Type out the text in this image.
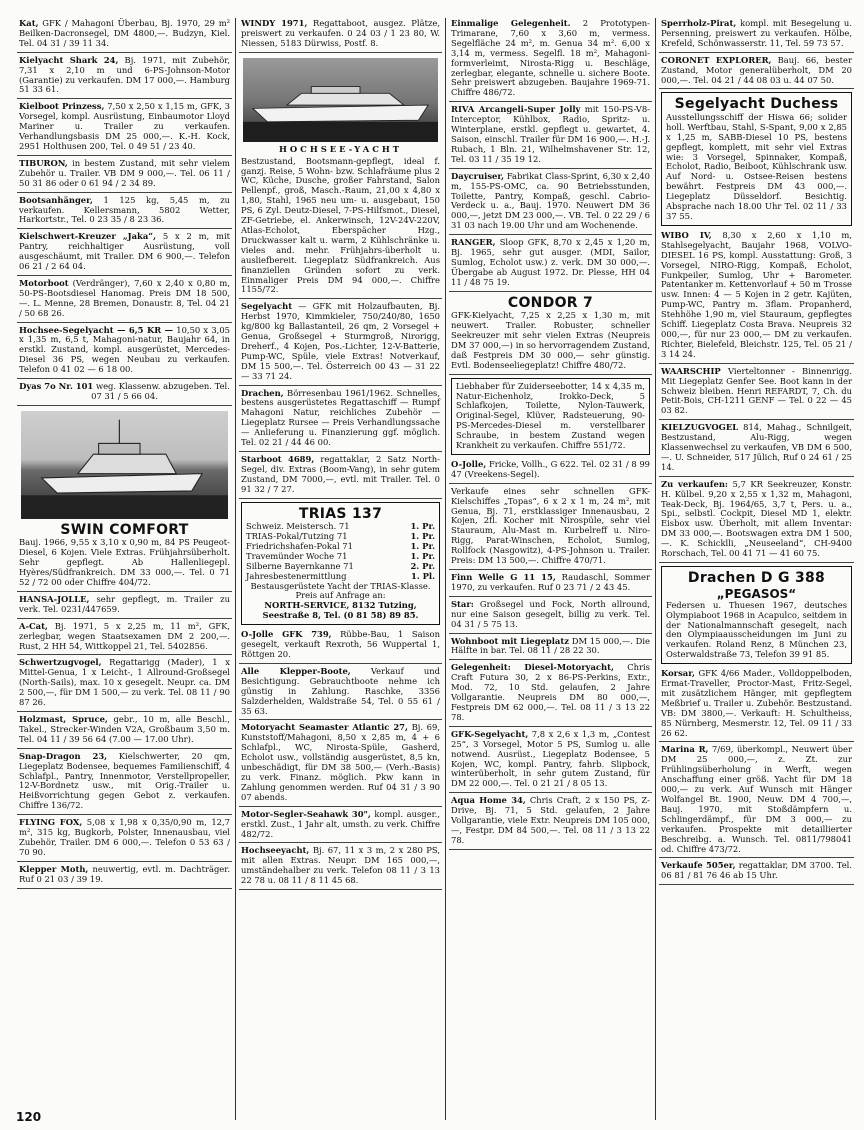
Kat, GFK / Mahagoni Überbau, Bj. 1970, 29 m² Beilken-Dacronsegel, DM 4800,—. Budzyn, Kiel. Tel. 04 31 / 39 11 34.
Kielyacht Shark 24, Bj. 1971, mit Zubehör, 7,31 x 2,10 m und 6-PS-Johnson-Motor (Garantie) zu verkaufen. DM 17 000,—. Hamburg 51 33 61.
Kielboot Prinzess, 7,50 x 2,50 x 1,15 m, GFK, 3 Vorsegel, kompl. Ausrüstung, Einbaumotor Lloyd Mariner u. Trailer zu verkaufen. Verhandlungsbasis DM 25 000,—. K.-H. Kock, 2951 Holthusen 200, Tel. 0 49 51 / 23 40.
TIBURON, in bestem Zustand, mit sehr vielem Zubehör u. Trailer. VB DM 9 000,—. Tel. 06 11 / 50 31 86 oder 0 61 94 / 2 34 89.
Bootsanhänger, 1 125 kg, 5,45 m, zu verkaufen. Kellersmann, 5802 Wetter, Harkortstr., Tel. 0 23 35 / 8 23 36.
Kielschwert-Kreuzer „Jaka“, 5 x 2 m, mit Pantry, reichhaltiger Ausrüstung, voll ausgeschäumt, mit Trailer. DM 6 900,—. Telefon 06 21 / 2 64 04.
Motorboot (Verdränger), 7,60 x 2,40 x 0,80 m, 50-PS-Bootsdiesel Hanomag. Preis DM 18 500,—. L. Menne, 28 Bremen, Donaustr. 8, Tel. 04 21 / 50 68 26.
Hochsee-Segelyacht — 6,5 KR — 10,50 x 3,05 x 1,35 m, 6,5 t, Mahagoni-natur, Baujahr 64, in erstkl. Zustand, kompl. ausgerüstet, Mercedes-Diesel 36 PS, wegen Neubau zu verkaufen. Telefon 0 41 02 — 6 18 00.
Dyas 7o Nr. 101 weg. Klassenw. abzugeben. Tel. 07 31 / 5 66 04.
SWIN COMFORT
Bauj. 1966, 9,55 x 3,10 x 0,90 m, 84 PS Peugeot-Diesel, 6 Kojen. Viele Extras. Frühjahrsüberholt. Sehr gepflegt. Ab Hallenliegepl. Hyères/Südfrankreich. DM 33 000,—. Tel. 0 71 52 / 72 00 oder Chiffre 404/72.
HANSA-JOLLE, sehr gepflegt, m. Trailer zu verk. Tel. 0231/447659.
A-Cat, Bj. 1971, 5 x 2,25 m, 11 m², GFK, zerlegbar, wegen Staatsexamen DM 2 200,—. Rust, 2 HH 54, Wittkoppel 21, Tel. 5402856.
Schwertzugvogel, Regattarigg (Mader), 1 x Mittel-Genua, 1 x Leicht-, 1 Allround-Großsegel (North-Sails), max. 10 x gesegelt. Neupr. ca. DM 2 500,—, für DM 1 500,— zu verk. Tel. 08 11 / 90 87 26.
Holzmast, Spruce, gebr., 10 m, alle Beschl., Takel., Strecker-Winden V2A, Großbaum 3,50 m. Tel. 04 11 / 39 56 64 (7.00 — 17.00 Uhr).
Snap-Dragon 23, Kielschwerter, 20 qm, Liegeplatz Bodensee, bequemes Familienschiff, 4 Schlafpl., Pantry, Innenmotor, Verstellpropeller, 12-V-Bordnetz usw., mit Orig.-Trailer u. Heißvorrichtung gegen Gebot z. verkaufen. Chiffre 136/72.
FLYING FOX, 5,08 x 1,98 x 0,35/0,90 m, 12,7 m², 315 kg, Bugkorb, Polster, Innenausbau, viel Zubehör, Trailer. DM 6 000,—. Telefon 0 53 63 / 70 90.
Klepper Moth, neuwertig, evtl. m. Dachträger. Ruf 0 21 03 / 39 19.
WINDY 1971, Regattaboot, ausgez. Plätze, preiswert zu verkaufen. 0 24 03 / 1 23 80, W. Niessen, 5183 Dürwiss, Postf. 8.
HOCHSEE-YACHT
Bestzustand, Bootsmann-gepflegt, ideal f. ganzj. Reise, 5 Wohn- bzw. Schlafräume plus 2 WC, Küche, Dusche, großer Fahrstand, Salon Pellenpf., groß, Masch.-Raum, 21,00 x 4,80 x 1,80, Stahl, 1965 neu um- u. ausgebaut, 150 PS, 6 Zyl. Deutz-Diesel, 7-PS-Hilfsmot., Diesel, ZF-Getriebe, el. Ankerwinsch, 12V-24V-220V, Atlas-Echolot, Eberspächer Hzg., Druckwasser kalt u. warm, 2 Kühlschränke u. vieles and. mehr. Frühjahrs-überholt u. ausliefbereit. Liegeplatz Südfrankreich. Aus finanziellen Gründen sofort zu verk. Einmaliger Preis DM 94 000,—. Chiffre 1155/72.
Segelyacht — GFK mit Holzaufbauten, Bj. Herbst 1970, Kimmkieler, 750/240/80, 1650 kg/800 kg Ballastanteil, 26 qm, 2 Vorsegel + Genua, Großsegel + Sturmgroß, Nirorigg, Dreherf., 4 Kojen, Pos.-Lichter, 12-V-Batterie, Pump-WC, Spüle, viele Extras! Notverkauf, DM 15 500,—. Tel. Österreich 00 43 — 31 22 — 33 71 24.
Drachen, Börresenbau 1961/1962. Schnelles, bestens ausgerüstetes Regattaschiff — Rumpf Mahagoni Natur, reichliches Zubehör — Liegeplatz Rursee — Preis Verhandlungssache — Anlieferung u. Finanzierung ggf. möglich. Tel. 02 21 / 44 46 00.
Starboot 4689, regattaklar, 2 Satz North-Segel, div. Extras (Boom-Vang), in sehr gutem Zustand, DM 7000,—, evtl. mit Trailer. Tel. 0 91 32 / 7 27.
TRIAS 137
Schweiz. Meistersch. 71	1. Pr.
TRIAS-Pokal/Tutzing 71	1. Pr.
Friedrichshafen-Pokal 71	1. Pr.
Travemünder Woche 71	1. Pr.
Silberne Bayernkanne 71	2. Pr.
Jahresbestenermittlung	1. Pl.
Bestausgerüstete Yacht der TRIAS-Klasse. Preis auf Anfrage an:
NORTH-SERVICE, 8132 Tutzing, Seestraße 8, Tel. (0 81 58) 89 85.
O-Jolle GFK 739, Rübbe-Bau, 1 Saison gesegelt, verkauft Rexroth, 56 Wuppertal 1, Röttgen 20.
Alle Klepper-Boote, Verkauf und Besichtigung. Gebrauchtboote nehme ich günstig in Zahlung. Raschke, 3356 Salzderhelden, Waldstraße 54, Tel. 0 55 61 / 35 63.
Motoryacht Seamaster Atlantic 27, Bj. 69, Kunststoff/Mahagoni, 8,50 x 2,85 m, 4 + 6 Schlafpl., WC, Nirosta-Spüle, Gasherd, Echolot usw., vollständig ausgerüstet, 8,5 kn, unbeschädigt, für DM 38 500,— (Verh.-Basis) zu verk. Finanz. möglich. Pkw kann in Zahlung genommen werden. Ruf 04 31 / 3 90 07 abends.
Motor-Segler-Seahawk 30", kompl. ausger., erstkl. Zust., 1 Jahr alt, umsth. zu verk. Chiffre 482/72.
Hochseeyacht, Bj. 67, 11 x 3 m, 2 x 280 PS, mit allen Extras. Neupr. DM 165 000,—, umständehalber zu verk. Telefon 08 11 / 3 13 22 78 u. 08 11 / 8 11 45 68.
Einmalige Gelegenheit. 2 Prototypen-Trimarane, 7,60 x 3,60 m, vermess. Segelfläche 24 m², m. Genua 34 m². 6,00 x 3,14 m, vermess. Segelfl. 18 m², Mahagoni-formverleimt, Nirosta-Rigg u. Beschläge, zerlegbar, elegante, schnelle u. sichere Boote. Sehr preiswert abzugeben. Baujahre 1969-71. Chiffre 486/72.
RIVA Arcangeli-Super Jolly mit 150-PS-V8-Interceptor, Kühlbox, Radio, Spritz- u. Winterplane, erstkl. gepflegt u. gewartet, 4. Saison, einschl. Trailer für DM 16 900,—. H.-J. Rubach, 1 Bln. 21, Wilhelmshavener Str. 12, Tel. 03 11 / 35 19 12.
Daycruiser, Fabrikat Class-Sprint, 6,30 x 2,40 m, 155-PS-OMC, ca. 90 Betriebsstunden, Toilette, Pantry, Kompaß, geschl. Cabrio-Verdeck u. a., Bauj. 1970. Neuwert DM 36 000,—, jetzt DM 23 000,—. VB. Tel. 0 22 29 / 6 31 03 nach 19.00 Uhr und am Wochenende.
RANGER, Sloop GFK, 8,70 x 2,45 x 1,20 m, Bj. 1965, sehr gut ausger. (MDI, Sailor, Sumlog, Echolot usw.) z. verk. DM 30 000,—. Übergabe ab August 1972. Dr. Plesse, HH 04 11 / 48 75 19.
CONDOR 7
GFK-Kielyacht, 7,25 x 2,25 x 1,30 m, mit neuwert. Trailer. Robuster, schneller Seekreuzer mit sehr vielen Extras (Neupreis DM 37 000,—) in so hervorragendem Zustand, daß Festpreis DM 30 000,— sehr günstig. Evtl. Bodenseeliegeplatz! Chiffre 480/72.
Liebhaber für Zuiderseebotter, 14 x 4,35 m, Natur-Eichenholz, Irokko-Deck, 5 Schlafkojen, Toilette, Nylon-Tauwerk, Original-Segel, Klüver, Radsteuerung, 90-PS-Mercedes-Diesel m. verstellbarer Schraube, in bestem Zustand wegen Krankheit zu verkaufen. Chiffre 551/72.
O-Jolle, Fricke, Vollh., G 622. Tel. 02 31 / 8 99 47 (Vreekens-Segel).
Verkaufe eines sehr schnellen GFK-Kielschiffes „Topas“, 6 x 2 x 1 m, 24 m², mit Genua, Bj. 71, erstklassiger Innenausbau, 2 Kojen, 2fl. Kocher mit Nirospüle, sehr viel Stauraum, Alu-Mast m. Kurbelreff u. Niro-Rigg, Parat-Winschen, Echolot, Sumlog, Rollfock (Nasgowitz), 4-PS-Johnson u. Trailer. Preis: DM 13 500,—. Chiffre 470/71.
Finn Welle G 11 15, Raudaschl, Sommer 1970, zu verkaufen. Ruf 0 23 71 / 2 43 45.
Star: Großsegel und Fock, North allround, nur eine Saison gesegelt, billig zu verk. Tel. 04 31 / 5 75 13.
Wohnboot mit Liegeplatz DM 15 000,—. Die Hälfte in bar. Tel. 08 11 / 28 22 30.
Gelegenheit: Diesel-Motoryacht, Chris Craft Futura 30, 2 x 86-PS-Perkins, Extr., Mod. 72, 10 Std. gelaufen, 2 Jahre Vollgarantie. Neupreis DM 80 000,—, Festpreis DM 62 000,—. Tel. 08 11 / 3 13 22 78.
GFK-Segelyacht, 7,8 x 2,6 x 1,3 m, „Contest 25“, 3 Vorsegel, Motor 5 PS, Sumlog u. alle notwend. Ausrüst., Liegeplatz Bodensee, 5 Kojen, WC, kompl. Pantry, fahrb. Slipbock, winterüberholt, in sehr gutem Zustand, für DM 22 000,—. Tel. 0 21 21 / 8 05 13.
Aqua Home 34, Chris Craft, 2 x 150 PS, Z-Drive, Bj. 71, 5 Std. gelaufen, 2 Jahre Vollgarantie, viele Extr. Neupreis DM 105 000,—, Festpr. DM 84 500,—. Tel. 08 11 / 3 13 22 78.
Sperrholz-Pirat, kompl. mit Besegelung u. Persenning, preiswert zu verkaufen. Hölbe, Krefeld, Schönwasserstr. 11, Tel. 59 73 57.
CORONET EXPLORER, Bauj. 66, bester Zustand, Motor generalüberholt, DM 20 000,—. Tel. 04 21 / 44 08 03 u. 44 07 50.
Segelyacht Duchess
Ausstellungsschiff der Hiswa 66; solider holl. Werftbau, Stahl, S-Spant, 9,00 x 2,85 x 1,25 m, SABB-Diesel 10 PS, bestens gepflegt, komplett, mit sehr viel Extras wie: 3 Vorsegel, Spinnaker, Kompaß, Echolot, Radio, Beiboot, Kühlschrank usw. Auf Nord- u. Ostsee-Reisen bestens bewährt. Festpreis DM 43 000,—. Liegeplatz Düsseldorf. Besichtig. Absprache nach 18.00 Uhr Tel. 02 11 / 33 37 55.
WIBO IV, 8,30 x 2,60 x 1,10 m, Stahlsegelyacht, Baujahr 1968, VOLVO-DIESEL 16 PS, kompl. Ausstattung: Groß, 3 Vorsegel, NIRO-Rigg, Kompaß, Echolot, Funkpeiler, Sumlog, Uhr + Barometer. Patentanker m. Kettenvorlauf + 50 m Trosse usw. Innen: 4 — 5 Kojen in 2 getr. Kajüten, Pump-WC, Pantry m. 3flam. Propanherd, Stehhöhe 1,90 m, viel Stauraum, gepflegtes Schiff. Liegeplatz Costa Brava. Neupreis 32 000,—, für nur 23 000,— DM zu verkaufen. Richter, Bielefeld, Bleichstr. 125, Tel. 05 21 / 3 14 24.
WAARSCHIP Vierteltonner - Binnenrigg. Mit Liegeplatz Genfer See. Boot kann in der Schweiz bleiben. Henri REFARDT, 7, Ch. du Petit-Bois, CH-1211 GENF — Tel. 0 22 — 45 03 82.
KIELZUGVOGEL 814, Mahag., Schnilgeit, Bestzustand, Alu-Rigg, wegen Klassenwechsel zu verkaufen, VB DM 6 500,—. U. Schneider, 517 Jülich, Ruf 0 24 61 / 25 14.
Zu verkaufen: 5,7 KR Seekreuzer, Konstr. H. Külbel. 9,20 x 2,55 x 1,32 m, Mahagoni, Teak-Deck, Bj. 1964/65, 3,7 t, Pers. u. a., Spi., selbstl. Cockpit, Diesel MD 1, elektr. Eisbox usw. Überholt, mit allem Inventar: DM 33 000,—. Bootswagen extra DM 1 500,—. K. Schicklli, „Neuseeland“, CH-9400 Rorschach, Tel. 00 41 71 — 41 60 75.
Drachen D G 388
„PEGASOS“
Federsen u. Thuesen 1967, deutsches Olympiaboot 1968 in Acapulco, seitdem in der Nationalmannschaft gesegelt, nach den Olympiaausscheidungen im Juni zu verkaufen. Roland Renz, 8 München 23, Osterwaldstraße 73, Telefon 39 91 85.
Korsar, GFK 4/66 Mader., Volldoppelboden, Ermat-Traveller, Proctor-Mast, Fritz-Segel, mit zusätzlichem Hänger, mit gepflegtem Meßbrief u. Trailer u. Zubehör. Bestzustand. VB: DM 3800,—. Verkauft: H. Schultheiss, 85 Nürnberg, Mesmerstr. 12, Tel. 09 11 / 33 26 62.
Marina R, 7/69, überkompl., Neuwert über DM 25 000,—, z. Zt. zur Frühlingsüberholung in Werft, wegen Anschaffung einer größ. Yacht für DM 18 000,— zu verk. Auf Wunsch mit Hänger Wolfangel Bt. 1900, Neuw. DM 4 700,—, Bauj. 1970, mit Stoßdämpfern u. Schlingerdämpf., für DM 3 000,— zu verkaufen. Prospekte mit detaillierter Beschreibg. a. Wunsch. Tel. 0811/798041 od. Chiffre 473/72.
Verkaufe 505er, regattaklar, DM 3700. Tel. 06 81 / 81 76 46 ab 15 Uhr.
120
